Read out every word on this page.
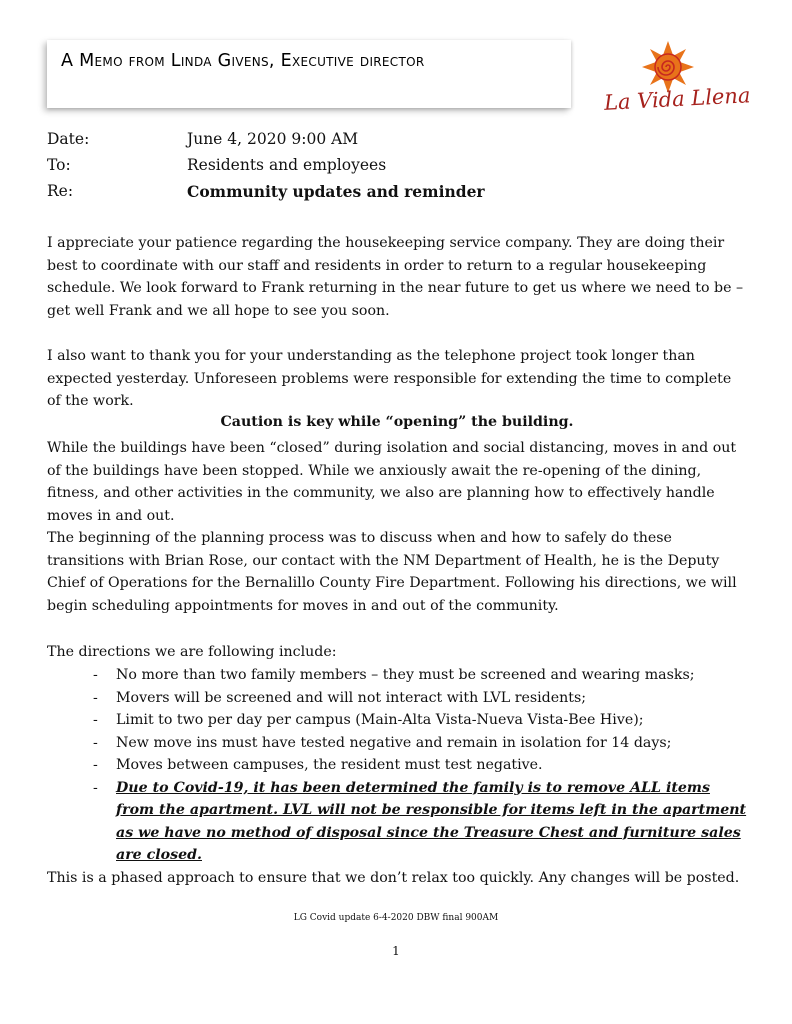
A Memo from Linda Givens, Executive director
La Vida Llena
Date:	June 4, 2020 9:00 AM
To:	Residents and employees
Re:	Community updates and reminder
I appreciate your patience regarding the housekeeping service company. They are doing their best to coordinate with our staff and residents in order to return to a regular housekeeping schedule. We look forward to Frank returning in the near future to get us where we need to be – get well Frank and we all hope to see you soon.
I also want to thank you for your understanding as the telephone project took longer than expected yesterday. Unforeseen problems were responsible for extending the time to complete of the work.
Caution is key while “opening” the building.
While the buildings have been “closed” during isolation and social distancing, moves in and out of the buildings have been stopped. While we anxiously await the re-opening of the dining, fitness, and other activities in the community, we also are planning how to effectively handle moves in and out.
The beginning of the planning process was to discuss when and how to safely do these transitions with Brian Rose, our contact with the NM Department of Health, he is the Deputy Chief of Operations for the Bernalillo County Fire Department. Following his directions, we will begin scheduling appointments for moves in and out of the community.
The directions we are following include:
- No more than two family members – they must be screened and wearing masks;
- Movers will be screened and will not interact with LVL residents;
- Limit to two per day per campus (Main-Alta Vista-Nueva Vista-Bee Hive);
- New move ins must have tested negative and remain in isolation for 14 days;
- Moves between campuses, the resident must test negative.
- Due to Covid-19, it has been determined the family is to remove ALL items from the apartment. LVL will not be responsible for items left in the apartment as we have no method of disposal since the Treasure Chest and furniture sales are closed.
This is a phased approach to ensure that we don’t relax too quickly. Any changes will be posted.
LG Covid update 6-4-2020 DBW final 900AM
1
